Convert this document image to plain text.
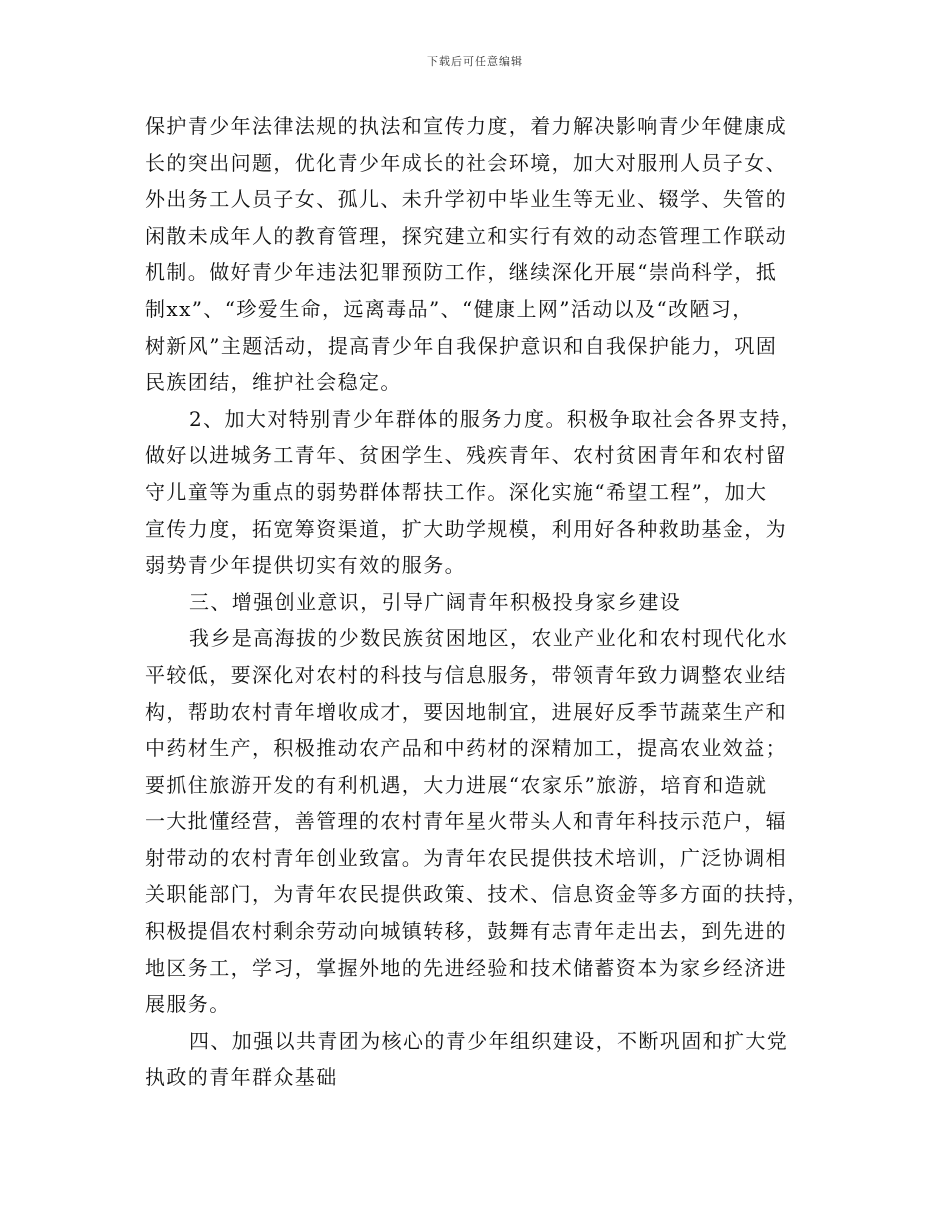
下载后可任意编辑
保护青少年法律法规的执法和宣传力度，着力解决影响青少年健康成
长的突出问题，优化青少年成长的社会环境，加大对服刑人员子女、
外出务工人员子女、孤儿、未升学初中毕业生等无业、辍学、失管的
闲散未成年人的教育管理，探究建立和实行有效的动态管理工作联动
机制。做好青少年违法犯罪预防工作，继续深化开展“崇尚科学，抵
制xx”、“珍爱生命，远离毒品”、“健康上网”活动以及“改陋习，
树新风”主题活动，提高青少年自我保护意识和自我保护能力，巩固
民族团结，维护社会稳定。
2、加大对特别青少年群体的服务力度。积极争取社会各界支持，
做好以进城务工青年、贫困学生、残疾青年、农村贫困青年和农村留
守儿童等为重点的弱势群体帮扶工作。深化实施“希望工程”，加大
宣传力度，拓宽筹资渠道，扩大助学规模，利用好各种救助基金，为
弱势青少年提供切实有效的服务。
三、增强创业意识，引导广阔青年积极投身家乡建设
我乡是高海拔的少数民族贫困地区，农业产业化和农村现代化水
平较低，要深化对农村的科技与信息服务，带领青年致力调整农业结
构，帮助农村青年增收成才，要因地制宜，进展好反季节蔬菜生产和
中药材生产，积极推动农产品和中药材的深精加工，提高农业效益；
要抓住旅游开发的有利机遇，大力进展“农家乐”旅游，培育和造就
一大批懂经营，善管理的农村青年星火带头人和青年科技示范户，辐
射带动的农村青年创业致富。为青年农民提供技术培训，广泛协调相
关职能部门，为青年农民提供政策、技术、信息资金等多方面的扶持，
积极提倡农村剩余劳动向城镇转移，鼓舞有志青年走出去，到先进的
地区务工，学习，掌握外地的先进经验和技术储蓄资本为家乡经济进
展服务。
四、加强以共青团为核心的青少年组织建设，不断巩固和扩大党
执政的青年群众基础
